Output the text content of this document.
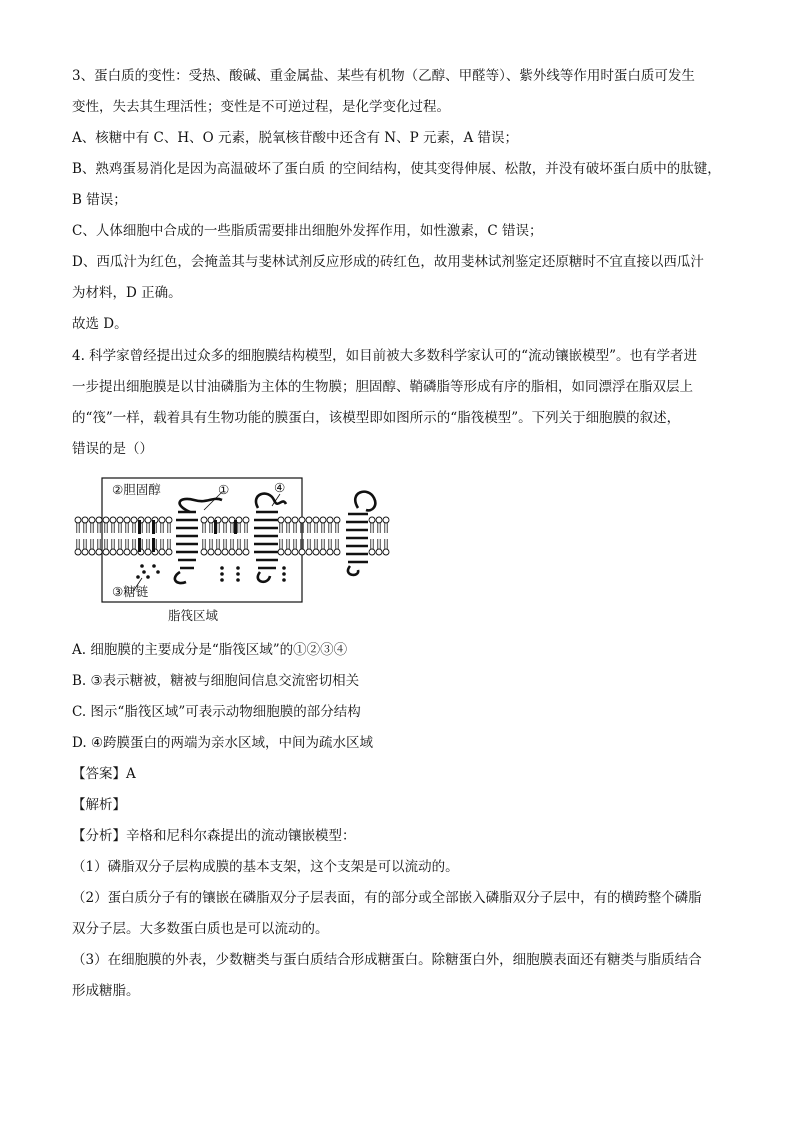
3、蛋白质的变性：受热、酸碱、重金属盐、某些有机物（乙醇、甲醛等）、紫外线等作用时蛋白质可发生
变性，失去其生理活性；变性是不可逆过程，是化学变化过程。
A、核糖中有 C、H、O 元素，脱氧核苷酸中还含有 N、P 元素，A 错误；
B、熟鸡蛋易消化是因为高温破坏了蛋白质 的空间结构，使其变得伸展、松散，并没有破坏蛋白质中的肽键，
B 错误；
C、人体细胞中合成的一些脂质需要排出细胞外发挥作用，如性激素，C 错误；
D、西瓜汁为红色，会掩盖其与斐林试剂反应形成的砖红色，故用斐林试剂鉴定还原糖时不宜直接以西瓜汁
为材料，D 正确。
故选 D。
4. 科学家曾经提出过众多的细胞膜结构模型，如目前被大多数科学家认可的“流动镶嵌模型”。也有学者进
一步提出细胞膜是以甘油磷脂为主体的生物膜；胆固醇、鞘磷脂等形成有序的脂相，如同漂浮在脂双层上
的“筏”一样，载着具有生物功能的膜蛋白，该模型即如图所示的“脂筏模型”。下列关于细胞膜的叙述，
错误的是（）
②胆固醇	①	④
③糖链
脂筏区域
A. 细胞膜的主要成分是“脂筏区域”的①②③④
B. ③表示糖被，糖被与细胞间信息交流密切相关
C. 图示“脂筏区域”可表示动物细胞膜的部分结构
D. ④跨膜蛋白的两端为亲水区域，中间为疏水区域
【答案】A
【解析】
【分析】辛格和尼科尔森提出的流动镶嵌模型：
（1）磷脂双分子层构成膜的基本支架，这个支架是可以流动的。
（2）蛋白质分子有的镶嵌在磷脂双分子层表面，有的部分或全部嵌入磷脂双分子层中，有的横跨整个磷脂
双分子层。大多数蛋白质也是可以流动的。
（3）在细胞膜的外表，少数糖类与蛋白质结合形成糖蛋白。除糖蛋白外，细胞膜表面还有糖类与脂质结合
形成糖脂。
